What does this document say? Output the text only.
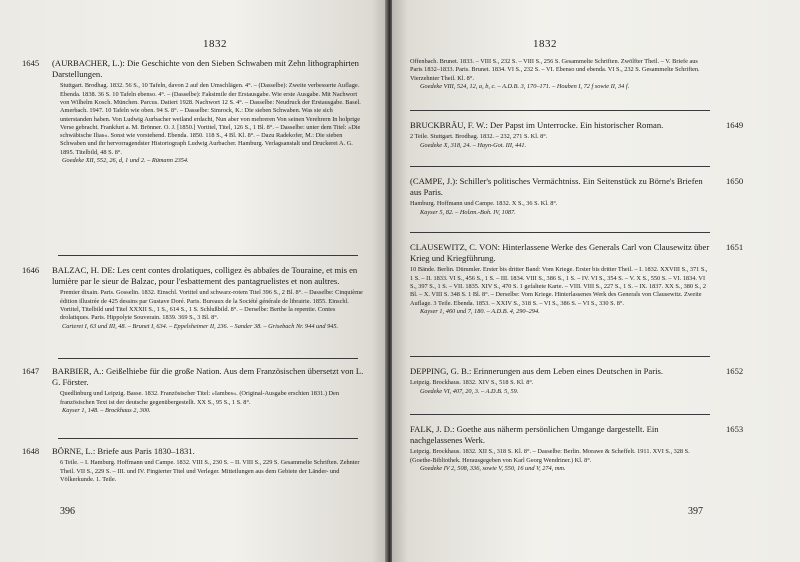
1832
1645 (AURBACHER, L.): Die Geschichte von den Sieben Schwaben mit Zehn lithographirten Darstellungen.
Stuttgart. Brodhag. 1832. 56 S., 10 Tafeln, davon 2 auf den Umschlägen. 4°. – (Dasselbe): Zweite verbesserte Auflage. Ebenda. 1838. 36 S. 10 Tafeln ebenso. 4°. – (Dasselbe): Faksimile der Erstausgabe. Wie erste Ausgabe. Mit Nachwort von Wilhelm Kosch. München. Parcus. Datiert 1928. Nachwort 12 S. 4°. – Dasselbe: Neudruck der Erstausgabe. Basel. Amerbach. 1947. 10 Tafeln wie oben. 94 S. 8°. – Dasselbe: Simrock, K.: Die sieben Schwaben. Was sie sich unterstanden haben. Von Ludwig Aurbacher weiland erdacht, Nun aber von mehreren Von seinen Verehrern In holprige Verse gebracht. Frankfurt a. M. Brönner. O. J. [1850.] Vortitel, Titel, 126 S., 1 Bl. 8°. – Dasselbe: unter dem Titel: »Die schwäbische Ilias«. Sonst wie vorstehend. Ebenda. 1850. 118 S., 4 Bl. Kl. 8°. – Dazu Radekofer, M.: Die sieben Schwaben und ihr hervorragendster Historiograph Ludwig Aurbacher. Hamburg. Verlagsanstalt und Druckerei A. G. 1895. Titelbild, 48 S. 8°.
Goedeke XII, 552, 26, d, 1 und 2. – Rümann 2354.
1646 BALZAC, H. DE: Les cent contes drolatiques, colligez ès abbaïes de Touraine, et mis en lumière par le sieur de Balzac, pour l'esbattement des pantagruelistes et non aultres.
Premier dixain. Paris. Gosselin. 1832. Einschl. Vortitel und schwarz-rotem Titel 396 S., 2 Bl. 8°. – Dasselbe: Cinquième édition illustrée de 425 dessins par Gustave Doré. Paris. Bureaux de la Société générale de librairie. 1855. Einschl. Vortitel, Titelbild und Titel XXXII S., 1 S., 614 S., 1 S. Schlußbild. 8°. – Derselbe: Berthe la repentie. Contes drolatiques. Paris. Hippolyte Souverain. 1839. 369 S., 3 Bl. 8°.
Carteret I, 63 und III, 48. – Brunet I, 634. – Eppelsheimer II, 236. – Sander 38. – Grisebach Nr. 944 und 945.
1647 BARBIER, A.: Geißelhiebe für die große Nation. Aus dem Französischen übersetzt von L. G. Förster.
Quedlinburg und Leipzig. Basse. 1832. Französischer Titel: »Iambes«. (Original-Ausgabe erschien 1831.) Den französischen Text ist der deutsche gegenübergestellt. XX S., 95 S., 1 S. 8°.
Kayser 1, 148. – Brockhaus 2, 300.
1648 BÖRNE, L.: Briefe aus Paris 1830–1831.
6 Teile. – I. Hamburg. Hoffmann und Campe. 1832. VIII S., 230 S. – II. VIII S., 229 S. Gesammelte Schriften. Zehnter Theil. VII S., 229 S. – III. und IV. Fingierter Titel und Verleger. Mitteilungen aus dem Gebiete der Länder- und Völkerkunde. 1. Teile.
396
1832
Offenbach. Brunet. 1833. – VIII S., 232 S. – VIII S., 256 S. Gesammelte Schriften. Zwölfter Theil. – V. Briefe aus Paris 1832–1833. Paris. Brunet. 1834. VI S., 232 S. – VI. Ebenso und ebenda. VI S., 232 S. Gesammelte Schriften. Vierzehnter Theil. Kl. 8°.
Goedeke VIII, 524, 12, a, b, c. – A.D.B. 3, 170–171. – Houben I, 72 f sowie II, 34 f.
1649
BRUCKBRÄU, F. W.: Der Papst im Unterrocke. Ein historischer Roman.
2 Teile. Stuttgart. Brodhag. 1832. – 232, 271 S. Kl. 8°.
Goedeke X, 318, 24. – Hayn-Got. III, 441.
1650
(CAMPE, J.): Schiller's politisches Vermächtniss. Ein Seitenstück zu Börne's Briefen aus Paris.
Hamburg. Hoffmann und Campe. 1832. X S., 36 S. Kl. 8°.
Kayser 5, 82. – Holzm.-Boh. IV, 1087.
1651
CLAUSEWITZ, C. VON: Hinterlassene Werke des Generals Carl von Clausewitz über Krieg und Kriegführung.
10 Bände. Berlin. Dümmler. Erster bis dritter Band: Vom Kriege. Erster bis dritter Theil. – I. 1832. XXVIII S., 371 S., 1 S. – II. 1833. VI S., 456 S., 1 S. – III. 1834. VIII S., 386 S., 1 S. – IV. VI S., 354 S. – V. X S., 550 S. – VI. 1834. VI S., 397 S., 1 S. – VII. 1835. XIV S., 470 S. 1 gefaltete Karte. – VIII. VIII S., 227 S., 1 S. – IX. 1837. XX S., 380 S., 2 Bl. – X. VIII S. 348 S. 1 Bl. 8°. – Derselbe: Vom Kriege. Hinterlassenes Werk des Generals von Clausewitz. Zweite Auflage. 3 Teile. Ebenda. 1853. – XXIV S., 318 S. – VI S., 386 S. – VI S., 330 S. 8°.
Kayser 1, 460 und 7, 180. – A.D.B. 4, 290–294.
1652
DEPPING, G. B.: Erinnerungen aus dem Leben eines Deutschen in Paris.
Leipzig. Brockhaus. 1832. XIV S., 518 S. Kl. 8°.
Goedeke VI, 407, 20, 3. – A.D.B. 5, 59.
1653
FALK, J. D.: Goethe aus näherm persönlichen Umgange dargestellt. Ein nachgelassenes Werk.
Leipzig. Brockhaus. 1832. XII S., 318 S. Kl. 8°. – Dasselbe: Berlin. Morawe & Scheffelt. 1911. XVI S., 328 S. (Goethe-Bibliothek. Herausgegeben von Karl Georg Wendriner.) Kl. 8°.
Goedeke IV 2, 508, 336, sowie V, 550, 16 und V, 274, mm.
397
